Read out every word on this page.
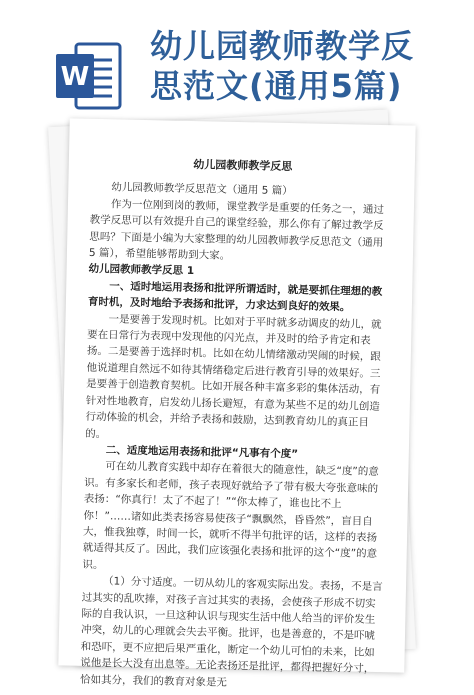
W
幼儿园教师教学反
思范文(通用5篇)
幼儿园教师教学反思

幼儿园教师教学反思范文（通用 5 篇）

作为一位刚到岗的教师，课堂教学是重要的任务之一，通过教学反思可以有效提升自己的课堂经验，那么你有了解过教学反思吗？下面是小编为大家整理的幼儿园教师教学反思范文（通用 5 篇），希望能够帮助到大家。

幼儿园教师教学反思 1

一、适时地运用表扬和批评所谓适时，就是要抓住理想的教育时机，及时地给予表扬和批评，力求达到良好的效果。

一是要善于发现时机。比如对于平时就多动调皮的幼儿，就要在日常行为表现中发现他的闪光点，并及时的给予肯定和表扬。二是要善于选择时机。比如在幼儿情绪激动哭闹的时候，跟他说道理自然远不如待其情绪稳定后进行教育引导的效果好。三是要善于创造教育契机。比如开展各种丰富多彩的集体活动，有针对性地教育，启发幼儿扬长避短，有意为某些不足的幼儿创造行动体验的机会，并给予表扬和鼓励，达到教育幼儿的真正目的。

二、适度地运用表扬和批评“凡事有个度”

可在幼儿教育实践中却存在着很大的随意性，缺乏“度”的意识。有多家长和老师，孩子表现好就给予了带有极大夸张意味的表扬：“你真行！太了不起了！”“你太棒了，谁也比不上你！”……诸如此类表扬容易使孩子“飘飘然，昏昏然”，盲目自大，惟我独尊，时间一长，就听不得半句批评的话，这样的表扬就适得其反了。因此，我们应该强化表扬和批评的这个“度”的意识。

（1）分寸适度。一切从幼儿的客观实际出发。表扬，不是言过其实的乱吹捧，对孩子言过其实的表扬，会使孩子形成不切实际的自我认识，一旦这种认识与现实生活中他人给当的评价发生冲突，幼儿的心理就会失去平衡。批评，也是善意的，不是吓唬和恐吓，更不应把后果严重化，断定一个幼儿可怕的未来，比如说他是长大没有出息等。无论表扬还是批评，都得把握好分寸，恰如其分，我们的教育对象是无
